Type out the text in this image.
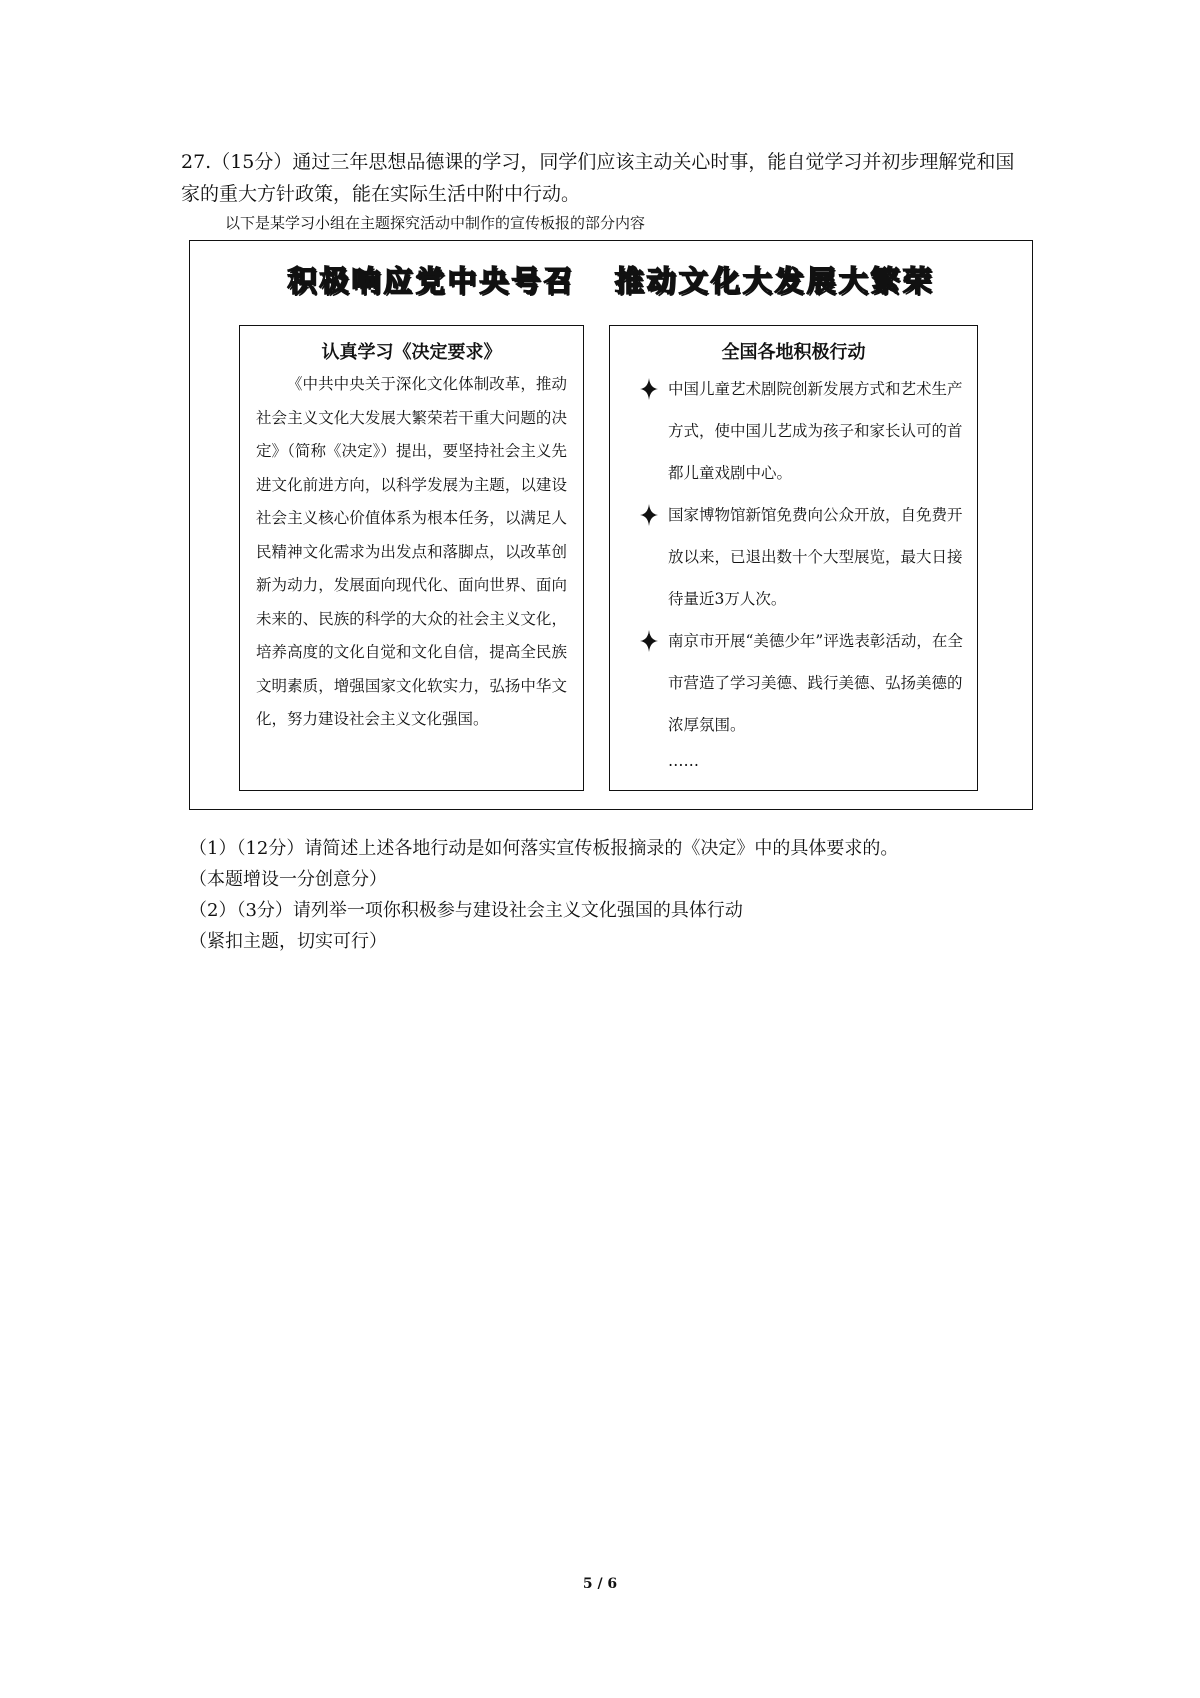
27.（15分）通过三年思想品德课的学习，同学们应该主动关心时事，能自觉学习并初步理解党和国家的重大方针政策，能在实际生活中附中行动。

以下是某学习小组在主题探究活动中制作的宣传板报的部分内容

积极响应党中央号召   推动文化大发展大繁荣
认真学习《决定要求》

《中共中央关于深化文化体制改革，推动社会主义文化大发展大繁荣若干重大问题的决定》（简称《决定》）提出，要坚持社会主义先进文化前进方向，以科学发展为主题，以建设社会主义核心价值体系为根本任务，以满足人民精神文化需求为出发点和落脚点，以改革创新为动力，发展面向现代化、面向世界、面向未来的、民族的科学的大众的社会主义文化，培养高度的文化自觉和文化自信，提高全民族文明素质，增强国家文化软实力，弘扬中华文化，努力建设社会主义文化强国。

全国各地积极行动
中国儿童艺术剧院创新发展方式和艺术生产方式，使中国儿艺成为孩子和家长认可的首都儿童戏剧中心。
国家博物馆新馆免费向公众开放，自免费开放以来，已退出数十个大型展览，最大日接待量近3万人次。
南京市开展“美德少年”评选表彰活动，在全市营造了学习美德、践行美德、弘扬美德的浓厚氛围。
……

（1）（12分）请简述上述各地行动是如何落实宣传板报摘录的《决定》中的具体要求的。

（本题增设一分创意分）

（2）（3分）请列举一项你积极参与建设社会主义文化强国的具体行动

（紧扣主题，切实可行）

5 / 6
